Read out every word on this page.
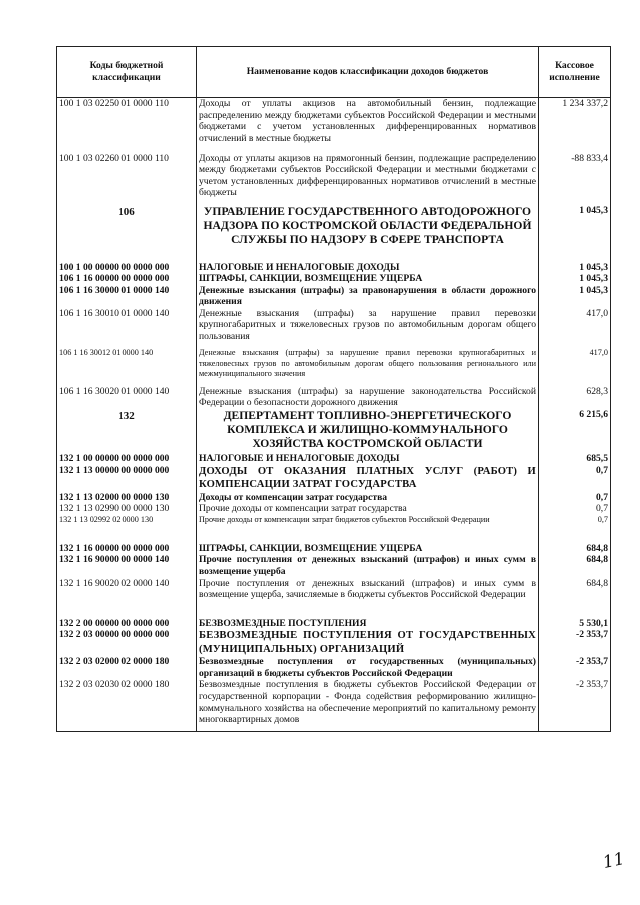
Коды бюджетной классификации	Наименование кодов классификации доходов бюджетов	Кассовое исполнение
100 1 03 02250 01 0000 110	Доходы от уплаты акцизов на автомобильный бензин, подлежащие распределению между бюджетами субъектов Российской Федерации и местными бюджетами с учетом установленных дифференцированных нормативов отчислений в местные бюджеты	1 234 337,2
100 1 03 02260 01 0000 110	Доходы от уплаты акцизов на прямогонный бензин, подлежащие распределению между бюджетами субъектов Российской Федерации и местными бюджетами с учетом установленных дифференцированных нормативов отчислений в местные бюджеты	-88 833,4
106	УПРАВЛЕНИЕ ГОСУДАРСТВЕННОГО АВТОДОРОЖНОГО НАДЗОРА ПО КОСТРОМСКОЙ ОБЛАСТИ ФЕДЕРАЛЬНОЙ СЛУЖБЫ ПО НАДЗОРУ В СФЕРЕ ТРАНСПОРТА	1 045,3
100 1 00 00000 00 0000 000	НАЛОГОВЫЕ И НЕНАЛОГОВЫЕ ДОХОДЫ	1 045,3
106 1 16 00000 00 0000 000	ШТРАФЫ, САНКЦИИ, ВОЗМЕЩЕНИЕ УЩЕРБА	1 045,3
106 1 16 30000 01 0000 140	Денежные взыскания (штрафы) за правонарушения в области дорожного движения	1 045,3
106 1 16 30010 01 0000 140	Денежные взыскания (штрафы) за нарушение правил перевозки крупногабаритных и тяжеловесных грузов по автомобильным дорогам общего пользования	417,0
106 1 16 30012 01 0000 140	Денежные взыскания (штрафы) за нарушение правил перевозки крупногабаритных и тяжеловесных грузов по автомобильным дорогам общего пользования регионального или межмуниципального значения	417,0
106 1 16 30020 01 0000 140	Денежные взыскания (штрафы) за нарушение законодательства Российской Федерации о безопасности дорожного движения	628,3
132	ДЕПЕРТАМЕНТ ТОПЛИВНО-ЭНЕРГЕТИЧЕСКОГО КОМПЛЕКСА И ЖИЛИЩНО-КОММУНАЛЬНОГО ХОЗЯЙСТВА КОСТРОМСКОЙ ОБЛАСТИ	6 215,6
132 1 00 00000 00 0000 000	НАЛОГОВЫЕ И НЕНАЛОГОВЫЕ ДОХОДЫ	685,5
132 1 13 00000 00 0000 000	ДОХОДЫ ОТ ОКАЗАНИЯ ПЛАТНЫХ УСЛУГ (РАБОТ) И КОМПЕНСАЦИИ ЗАТРАТ ГОСУДАРСТВА	0,7
132 1 13 02000 00 0000 130	Доходы от компенсации затрат государства	0,7
132 1 13 02990 00 0000 130	Прочие доходы от компенсации затрат государства	0,7
132 1 13 02992 02 0000 130	Прочие доходы от компенсации затрат бюджетов субъектов Российской Федерации	0,7
132 1 16 00000 00 0000 000	ШТРАФЫ, САНКЦИИ, ВОЗМЕЩЕНИЕ УЩЕРБА	684,8
132 1 16 90000 00 0000 140	Прочие поступления от денежных взысканий (штрафов) и иных сумм в возмещение ущерба	684,8
132 1 16 90020 02 0000 140	Прочие поступления от денежных взысканий (штрафов) и иных сумм в возмещение ущерба, зачисляемые в бюджеты субъектов Российской Федерации	684,8
132 2 00 00000 00 0000 000	БЕЗВОЗМЕЗДНЫЕ ПОСТУПЛЕНИЯ	5 530,1
132 2 03 00000 00 0000 000	БЕЗВОЗМЕЗДНЫЕ ПОСТУПЛЕНИЯ ОТ ГОСУДАРСТВЕННЫХ (МУНИЦИПАЛЬНЫХ) ОРГАНИЗАЦИЙ	-2 353,7
132 2 03 02000 02 0000 180	Безвозмездные поступления от государственных (муниципальных) организаций в бюджеты субъектов Российской Федерации	-2 353,7
132 2 03 02030 02 0000 180	Безвозмездные поступления в бюджеты субъектов Российской Федерации от государственной корпорации - Фонда содействия реформированию жилищно-коммунального хозяйства на обеспечение мероприятий по капитальному ремонту многоквартирных домов	-2 353,7
11
